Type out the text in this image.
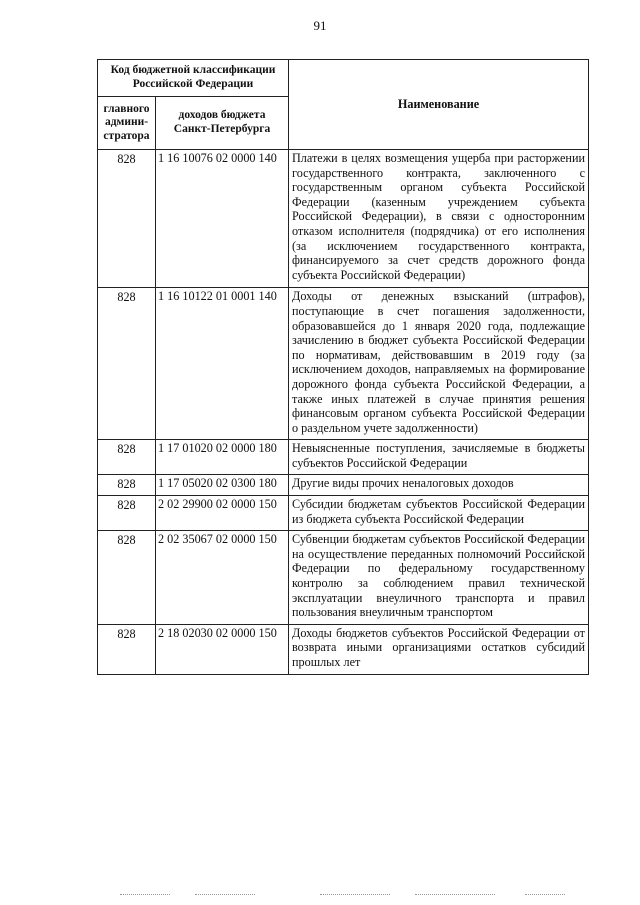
91
Код бюджетной классификации Российской Федерации		Наименование
главного админи-стратора	доходов бюджета Санкт-Петербурга	
828	1 16 10076 02 0000 140	Платежи в целях возмещения ущерба при расторжении государственного контракта, заключенного с государственным органом субъекта Российской Федерации (казенным учреждением субъекта Российской Федерации), в связи с односторонним отказом исполнителя (подрядчика) от его исполнения (за исключением государственного контракта, финансируемого за счет средств дорожного фонда субъекта Российской Федерации)
828	1 16 10122 01 0001 140	Доходы от денежных взысканий (штрафов), поступающие в счет погашения задолженности, образовавшейся до 1 января 2020 года, подлежащие зачислению в бюджет субъекта Российской Федерации по нормативам, действовавшим в 2019 году (за исключением доходов, направляемых на формирование дорожного фонда субъекта Российской Федерации, а также иных платежей в случае принятия решения финансовым органом субъекта Российской Федерации о раздельном учете задолженности)
828	1 17 01020 02 0000 180	Невыясненные поступления, зачисляемые в бюджеты субъектов Российской Федерации
828	1 17 05020 02 0300 180	Другие виды прочих неналоговых доходов
828	2 02 29900 02 0000 150	Субсидии бюджетам субъектов Российской Федерации из бюджета субъекта Российской Федерации
828	2 02 35067 02 0000 150	Субвенции бюджетам субъектов Российской Федерации на осуществление переданных полномочий Российской Федерации по федеральному государственному контролю за соблюдением правил технической эксплуатации внеуличного транспорта и правил пользования внеуличным транспортом
828	2 18 02030 02 0000 150	Доходы бюджетов субъектов Российской Федерации от возврата иными организациями остатков субсидий прошлых лет
